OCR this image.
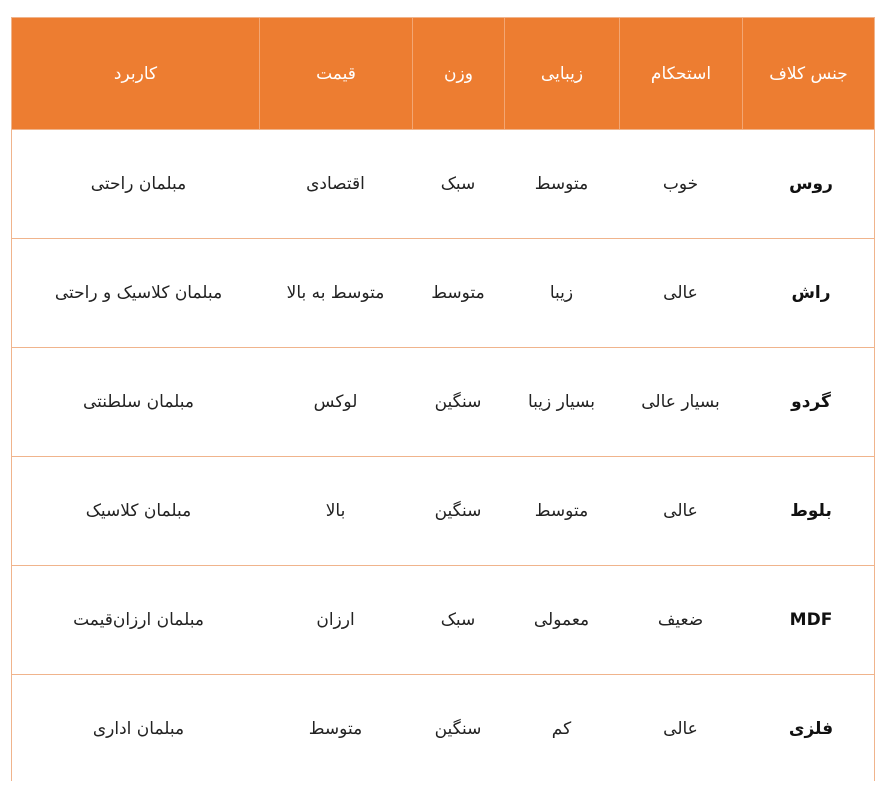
جنس کلاف
استحکام
زیبایی
وزن
قیمت
کاربرد
روس
خوب
متوسط
سبک
اقتصادی
مبلمان راحتی
راش
عالی
زیبا
متوسط
متوسط به بالا
مبلمان کلاسیک و راحتی
گردو
بسیار عالی
بسیار زیبا
سنگین
لوکس
مبلمان سلطنتی
بلوط
عالی
متوسط
سنگین
بالا
مبلمان کلاسیک
MDF
ضعیف
معمولی
سبک
ارزان
مبلمان ارزان‌قیمت
فلزی
عالی
کم
سنگین
متوسط
مبلمان اداری
